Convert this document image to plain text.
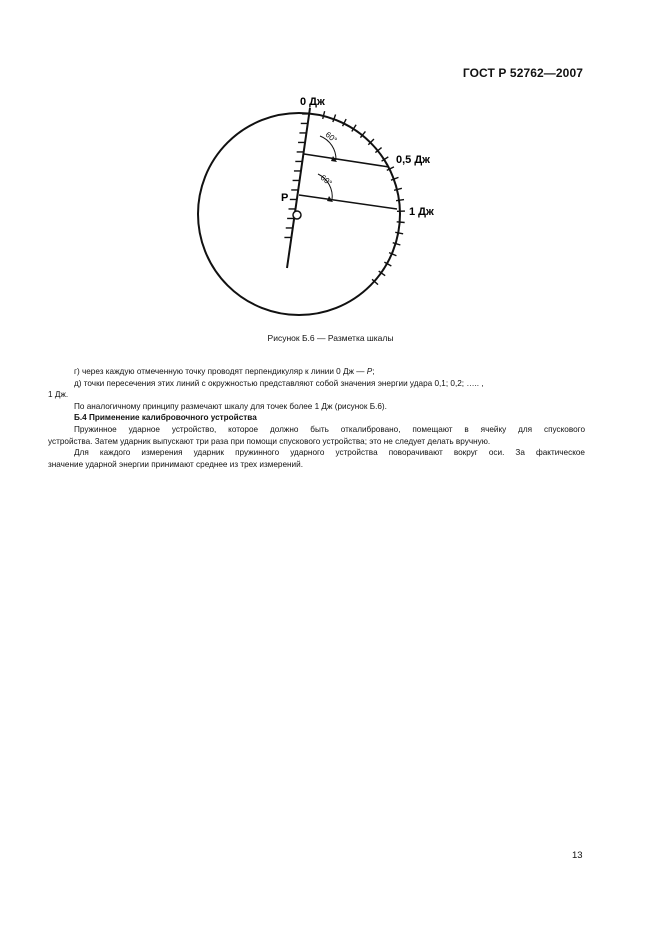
ГОСТ Р 52762—2007
0 Дж
0,5 Дж
1 Дж
P
60°
60°
Рисунок Б.6 — Разметка шкалы

г) через каждую отмеченную точку проводят перпендикуляр к линии 0 Дж — P;

д) точки пересечения этих линий с окружностью представляют собой значения энергии удара 0,1; 0,2; ….. ,

1 Дж.

По аналогичному принципу размечают шкалу для точек более 1 Дж (рисунок Б.6).

Б.4 Применение калибровочного устройства

Пружинное ударное устройство, которое должно быть откалибровано, помещают в ячейку для спускового

устройства. Затем ударник выпускают три раза при помощи спускового устройства; это не следует делать вручную.

Для каждого измерения ударник пружинного ударного устройства поворачивают вокруг оси. За фактическое

значение ударной энергии принимают среднее из трех измерений.

13
